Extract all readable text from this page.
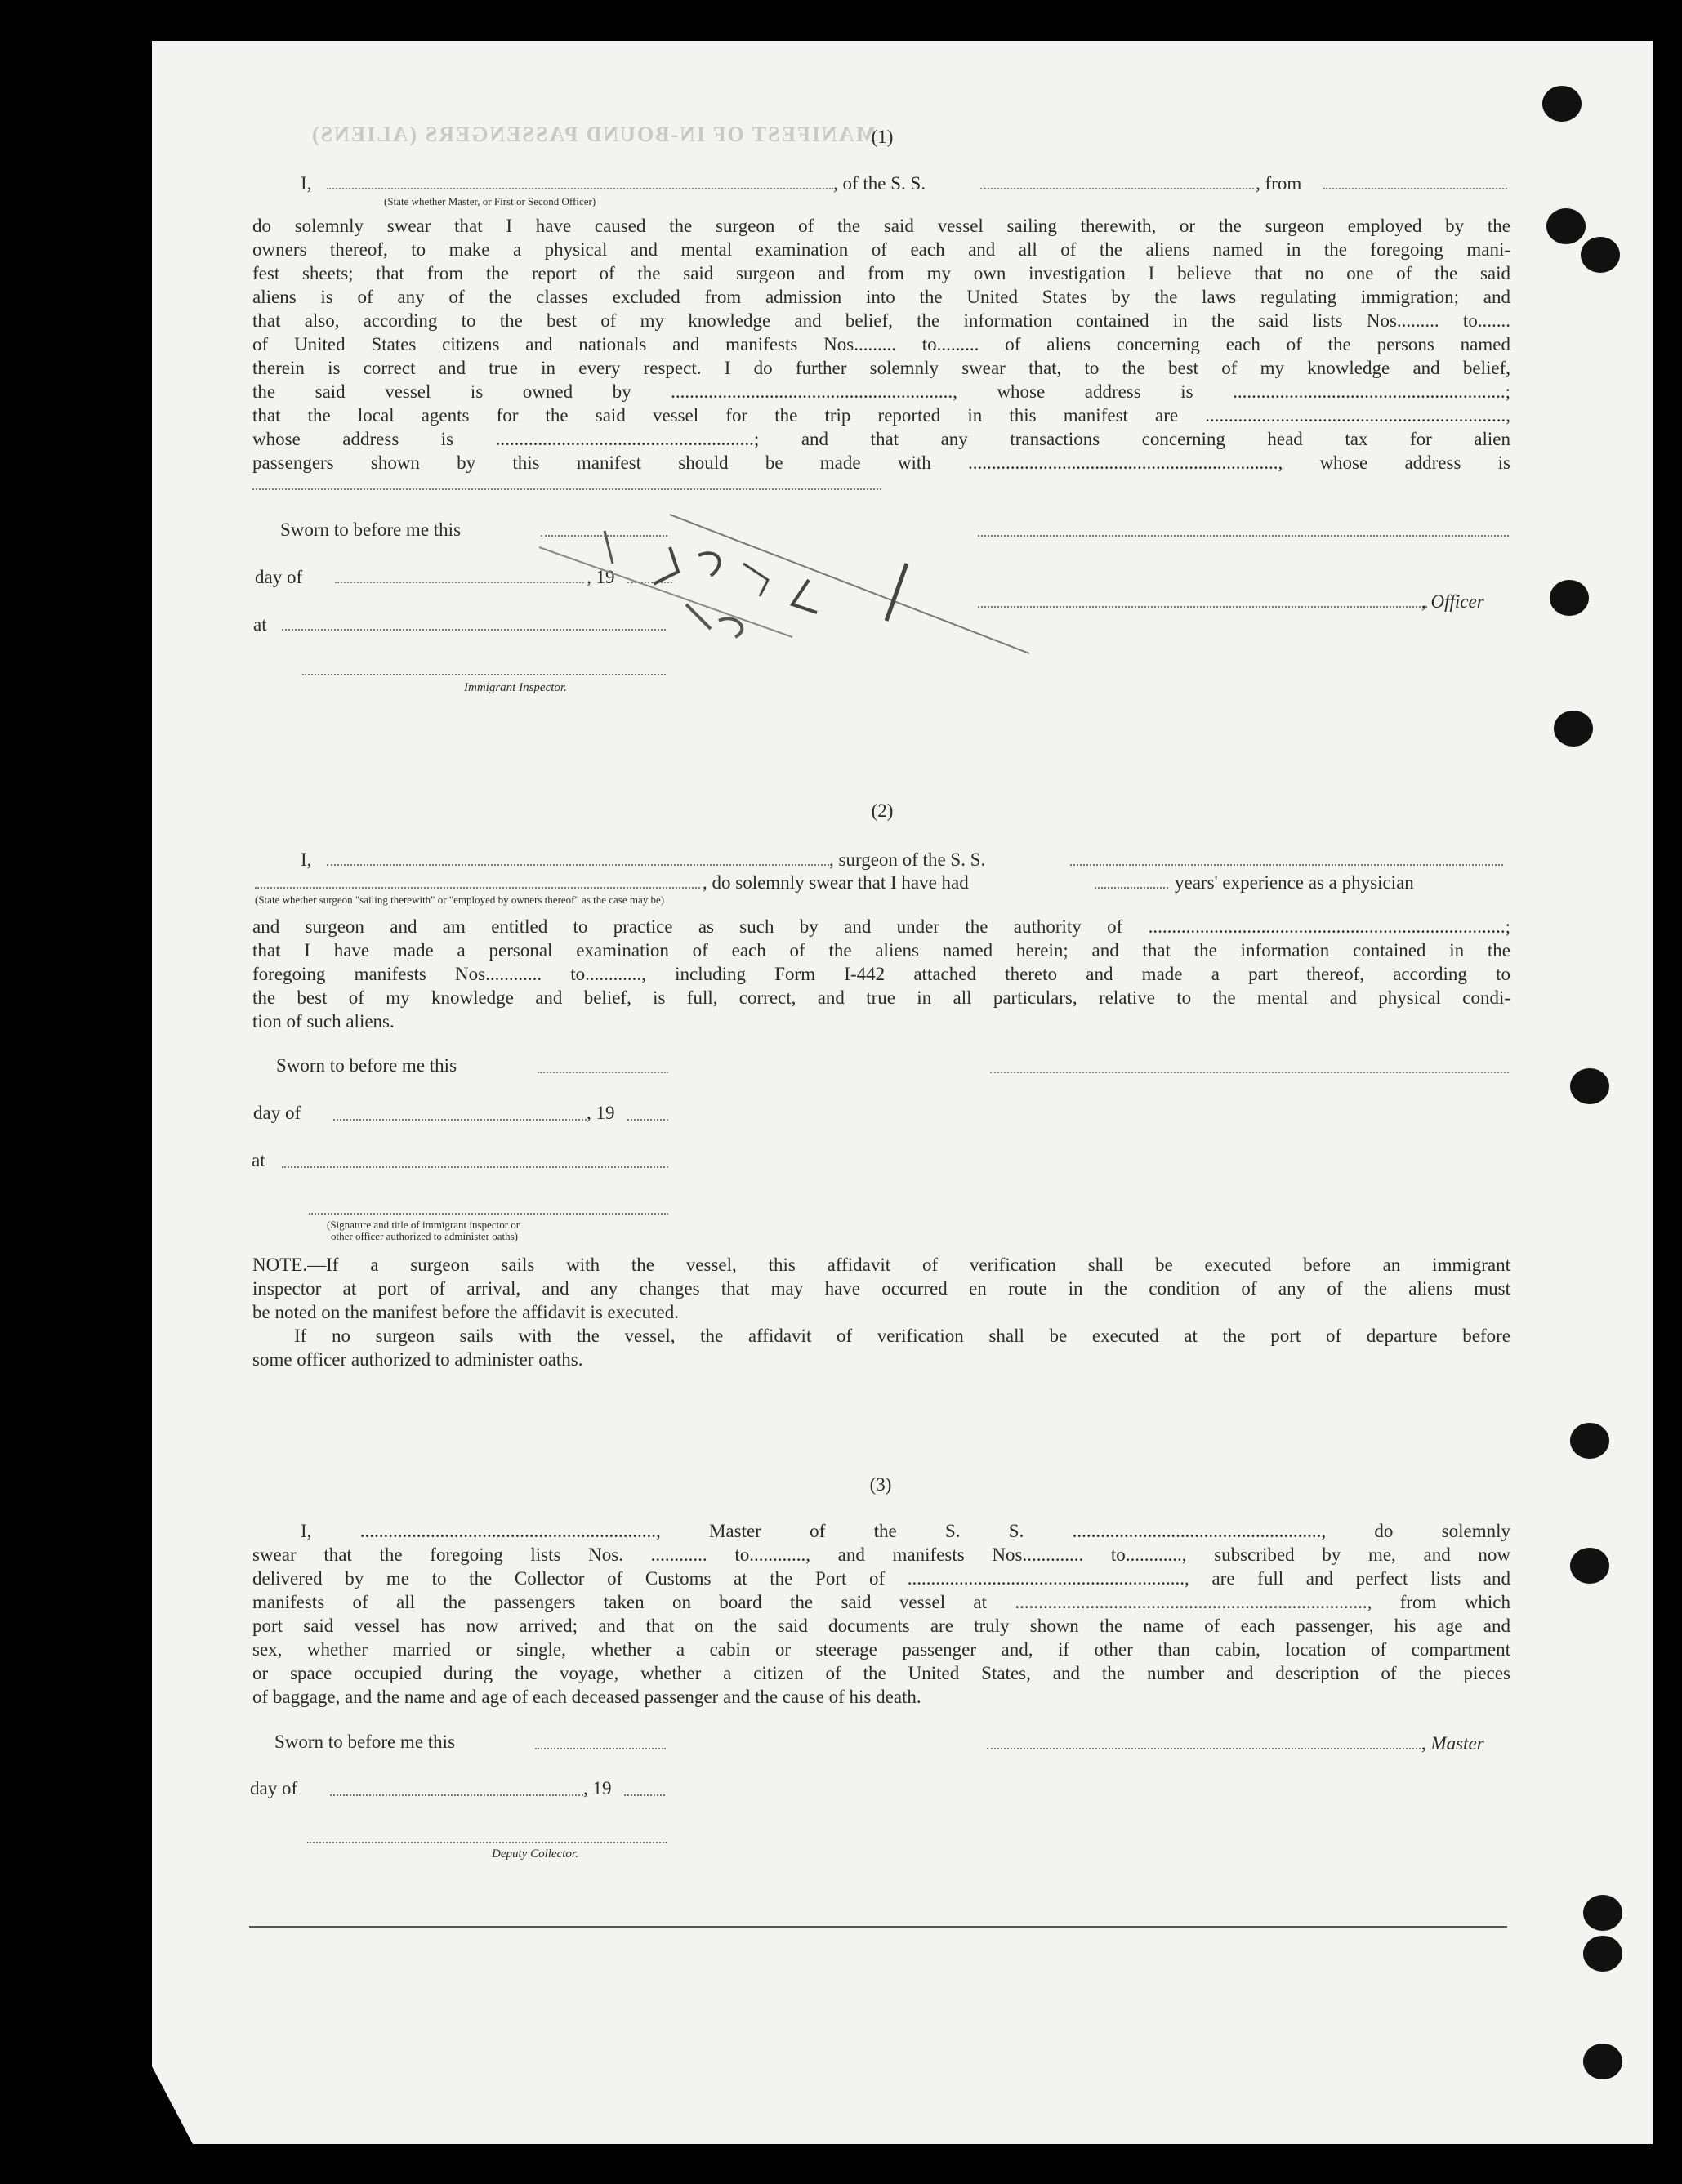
MANIFEST OF IN-BOUND PASSENGERS (ALIENS)
(1)
I,	, of the S. S.	, from
(State whether Master, or First or Second Officer)
do solemnly swear that I have caused the surgeon of the said vessel sailing therewith, or the surgeon employed by the
owners thereof, to make a physical and mental examination of each and all of the aliens named in the foregoing mani-
fest sheets; that from the report of the said surgeon and from my own investigation I believe that no one of the said
aliens is of any of the classes excluded from admission into the United States by the laws regulating immigration; and
that also, according to the best of my knowledge and belief, the information contained in the said lists Nos......... to.......
of United States citizens and nationals and manifests Nos......... to......... of aliens concerning each of the persons named
therein is correct and true in every respect. I do further solemnly swear that, to the best of my knowledge and belief,
the said vessel is owned by ............................................................, whose address is ..........................................................;
that the local agents for the said vessel for the trip reported in this manifest are ................................................................,
whose address is .......................................................; and that any transactions concerning head tax for alien
passengers shown by this manifest should be made with .................................................................., whose address is
Sworn to before me this
day of	, 19
, Officer
at
Immigrant Inspector.
(2)
I,	, surgeon of the S. S.
, do solemnly swear that I have had	years' experience as a physician
(State whether surgeon "sailing therewith" or "employed by owners thereof" as the case may be)
and surgeon and am entitled to practice as such by and under the authority of ............................................................................;
that I have made a personal examination of each of the aliens named herein; and that the information contained in the
foregoing manifests Nos............ to............, including Form I-442 attached thereto and made a part thereof, according to
the best of my knowledge and belief, is full, correct, and true in all particulars, relative to the mental and physical condi-
tion of such aliens.
Sworn to before me this
day of	, 19
at
(Signature and title of immigrant inspector or
other officer authorized to administer oaths)
NOTE.—If a surgeon sails with the vessel, this affidavit of verification shall be executed before an immigrant
inspector at port of arrival, and any changes that may have occurred en route in the condition of any of the aliens must
be noted on the manifest before the affidavit is executed.
If no surgeon sails with the vessel, the affidavit of verification shall be executed at the port of departure before
some officer authorized to administer oaths.
(3)
I, ..............................................................., Master of the S. S. ....................................................., do solemnly
swear that the foregoing lists Nos. ............ to............, and manifests Nos............. to............, subscribed by me, and now
delivered by me to the Collector of Customs at the Port of ..........................................................., are full and perfect lists and
manifests of all the passengers taken on board the said vessel at ..........................................................................., from which
port said vessel has now arrived; and that on the said documents are truly shown the name of each passenger, his age and
sex, whether married or single, whether a cabin or steerage passenger and, if other than cabin, location of compartment
or space occupied during the voyage, whether a citizen of the United States, and the number and description of the pieces
of baggage, and the name and age of each deceased passenger and the cause of his death.
Sworn to before me this	, Master
day of	, 19
Deputy Collector.
